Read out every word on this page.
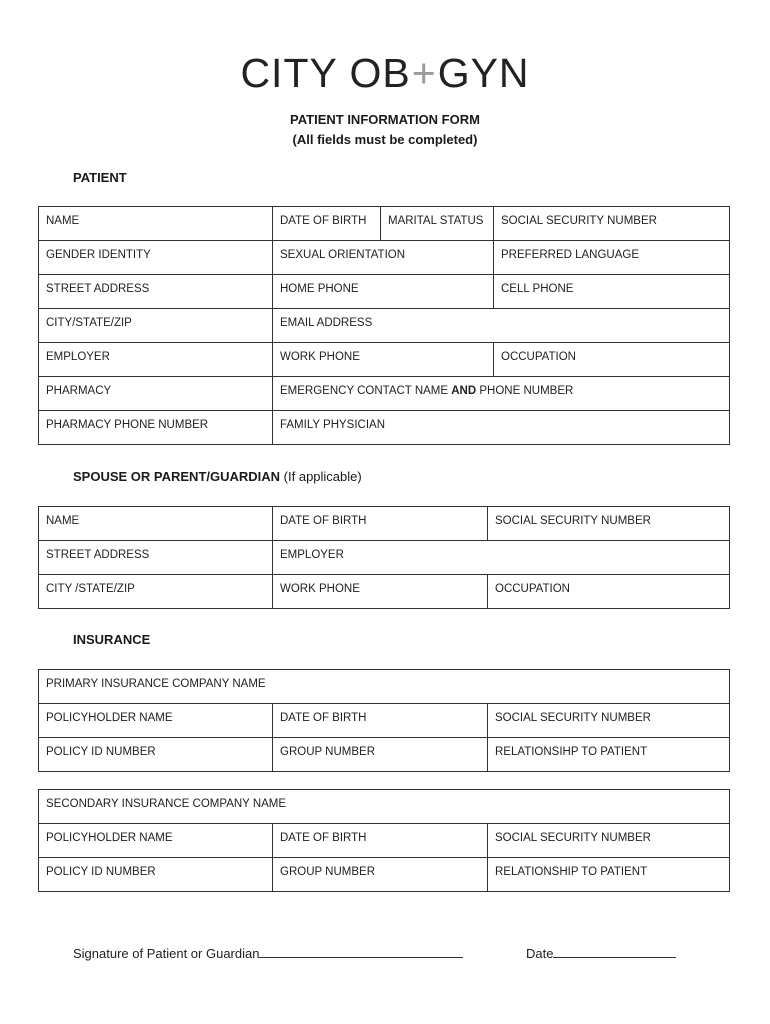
CITY OB+GYN
PATIENT INFORMATION FORM
(All fields must be completed)
PATIENT
NAME	DATE OF BIRTH	MARITAL STATUS	SOCIAL SECURITY NUMBER
GENDER IDENTITY	SEXUAL ORIENTATION	PREFERRED LANGUAGE
STREET ADDRESS	HOME PHONE	CELL PHONE
CITY/STATE/ZIP	EMAIL ADDRESS
EMPLOYER	WORK PHONE	OCCUPATION
PHARMACY	EMERGENCY CONTACT NAME AND PHONE NUMBER
PHARMACY PHONE NUMBER	FAMILY PHYSICIAN
SPOUSE OR PARENT/GUARDIAN (If applicable)
NAME	DATE OF BIRTH	SOCIAL SECURITY NUMBER
STREET ADDRESS	EMPLOYER
CITY /STATE/ZIP	WORK PHONE	OCCUPATION
INSURANCE
PRIMARY INSURANCE COMPANY NAME
POLICYHOLDER NAME	DATE OF BIRTH	SOCIAL SECURITY NUMBER
POLICY ID NUMBER	GROUP NUMBER	RELATIONSIHP TO PATIENT
SECONDARY INSURANCE COMPANY NAME
POLICYHOLDER NAME	DATE OF BIRTH	SOCIAL SECURITY NUMBER
POLICY ID NUMBER	GROUP NUMBER	RELATIONSHIP TO PATIENT
Signature of Patient or Guardian	Date
